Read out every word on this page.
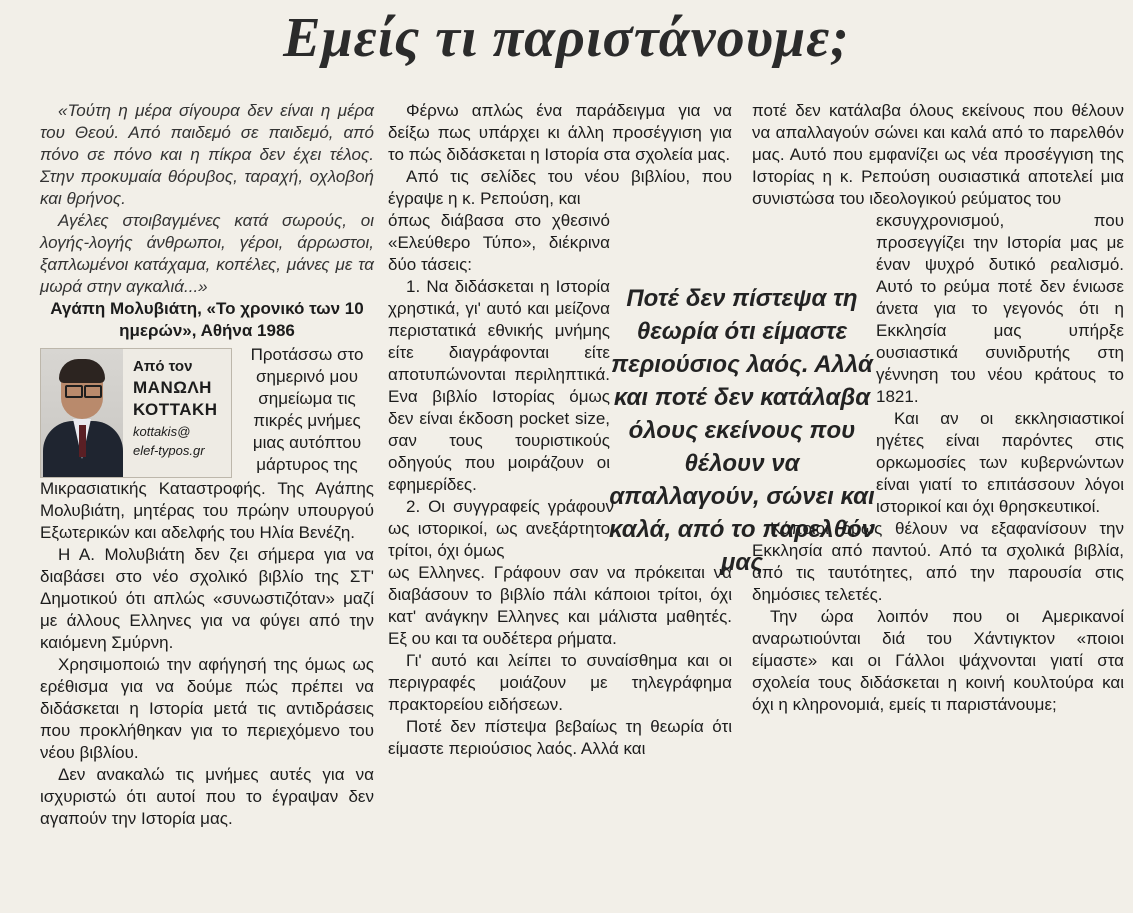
Εμείς τι παριστάνουμε;

«Τούτη η μέρα σίγουρα δεν είναι η μέρα του Θεού. Από παιδεμό σε παιδεμό, από πόνο σε πόνο και η πίκρα δεν έχει τέλος. Στην προκυμαία θόρυβος, ταραχή, οχλοβοή και θρήνος.

Αγέλες στοιβαγμένες κατά σωρούς, οι λογής-λογής άνθρωποι, γέροι, άρρωστοι, ξαπλωμένοι κατάχαμα, κοπέλες, μάνες με τα μωρά στην αγκαλιά...»

Αγάπη Μολυβιάτη, «Το χρονικό των 10 ημερών», Αθήνα 1986

Από τον
ΜΑΝΩΛΗ
ΚΟΤΤΑΚΗ
kottakis@
elef-typos.gr

Προτάσσω στο σημερινό μου σημείωμα τις πικρές μνήμες μιας αυτόπτου μάρτυρος της

Μικρασιατικής Καταστροφής. Της Αγάπης Μολυβιάτη, μητέρας του πρώην υπουργού Εξωτερικών και αδελφής του Ηλία Βενέζη.

Η Α. Μολυβιάτη δεν ζει σήμερα για να διαβάσει στο νέο σχολικό βιβλίο της ΣΤ' Δημοτικού ότι απλώς «συνωστιζόταν» μαζί με άλλους Ελληνες για να φύγει από την καιόμενη Σμύρνη.

Χρησιμοποιώ την αφήγησή της όμως ως ερέθισμα για να δούμε πώς πρέπει να διδάσκεται η Ιστορία μετά τις αντιδράσεις που προκλήθηκαν για το περιεχόμενο του νέου βιβλίου.

Δεν ανακαλώ τις μνήμες αυτές για να ισχυριστώ ότι αυτοί που το έγραψαν δεν αγαπούν την Ιστορία μας.

Φέρνω απλώς ένα παράδειγμα για να δείξω πως υπάρχει κι άλλη προσέγγιση για το πώς διδάσκεται η Ιστορία στα σχολεία μας.

Από τις σελίδες του νέου βιβλίου, που έγραψε η κ. Ρεπούση, και

όπως διάβασα στο χθεσινό «Ελεύθερο Τύπο», διέκρινα δύο τάσεις:

1. Να διδάσκεται η Ιστορία χρηστικά, γι' αυτό και μείζονα περιστατικά εθνικής μνήμης είτε διαγράφονται είτε αποτυπώνονται περιληπτικά. Ενα βιβλίο Ιστορίας όμως δεν είναι έκδοση pocket size, σαν τους τουριστικούς οδηγούς που μοιράζουν οι εφημερίδες.

2. Οι συγγραφείς γράφουν ως ιστορικοί, ως ανεξάρτητοι τρίτοι, όχι όμως

ως Ελληνες. Γράφουν σαν να πρόκειται να διαβάσουν το βιβλίο πάλι κάποιοι τρίτοι, όχι κατ' ανάγκην Ελληνες και μάλιστα μαθητές. Εξ ου και τα ουδέτερα ρήματα.

Γι' αυτό και λείπει το συναίσθημα και οι περιγραφές μοιάζουν με τηλεγράφημα πρακτορείου ειδήσεων.

Ποτέ δεν πίστεψα βεβαίως τη θεωρία ότι είμαστε περιούσιος λαός. Αλλά και

Ποτέ δεν πίστεψα τη θεωρία ότι είμαστε περιούσιος λαός. Αλλά και ποτέ δεν κατάλαβα όλους εκείνους που θέλουν να απαλλαγούν, σώνει και καλά, από το παρελθόν μας

ποτέ δεν κατάλαβα όλους εκείνους που θέλουν να απαλλαγούν σώνει και καλά από το παρελθόν μας. Αυτό που εμφανίζει ως νέα προσέγγιση της Ιστορίας η κ. Ρεπούση ουσιαστικά αποτελεί μια συνιστώσα του ιδεολογικού ρεύματος του

εκσυγχρονισμού, που προσεγγίζει την Ιστορία μας με έναν ψυχρό δυτικό ρεαλισμό. Αυτό το ρεύμα ποτέ δεν ένιωσε άνετα για το γεγονός ότι η Εκκλησία μας υπήρξε ουσιαστικά συνιδρυτής στη γέννηση του νέου κράτους το 1821.

Και αν οι εκκλησιαστικοί ηγέτες είναι παρόντες στις ορκωμοσίες των κυβερνώντων είναι γιατί το επιτάσσουν λόγοι ιστορικοί και όχι θρησκευτικοί.

Κάποιοι όμως θέλουν να εξαφανίσουν την Εκκλησία από παντού. Από τα σχολικά βιβλία, από τις ταυτότητες, από την παρουσία στις δημόσιες τελετές.

Την ώρα λοιπόν που οι Αμερικανοί αναρωτιούνται διά του Χάντιγκτον «ποιοι είμαστε» και οι Γάλλοι ψάχνονται γιατί στα σχολεία τους διδάσκεται η κοινή κουλτούρα και όχι η κληρονομιά, εμείς τι παριστάνουμε;
